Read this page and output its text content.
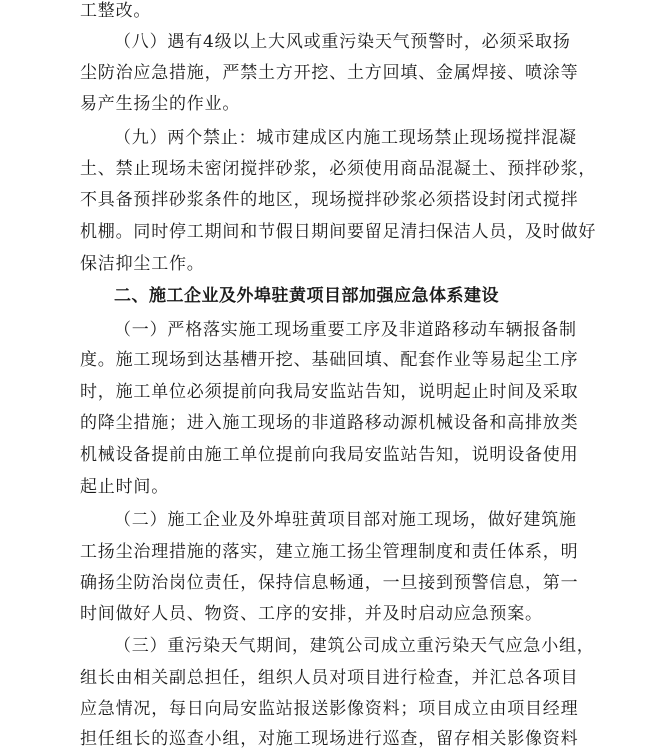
工整改。
（八）遇有4级以上大风或重污染天气预警时，必须采取扬
尘防治应急措施，严禁土方开挖、土方回填、金属焊接、喷涂等
易产生扬尘的作业。
（九）两个禁止：城市建成区内施工现场禁止现场搅拌混凝
土、禁止现场未密闭搅拌砂浆，必须使用商品混凝土、预拌砂浆，
不具备预拌砂浆条件的地区，现场搅拌砂浆必须搭设封闭式搅拌
机棚。同时停工期间和节假日期间要留足清扫保洁人员，及时做好
保洁抑尘工作。
二、施工企业及外埠驻黄项目部加强应急体系建设
（一）严格落实施工现场重要工序及非道路移动车辆报备制
度。施工现场到达基槽开挖、基础回填、配套作业等易起尘工序
时，施工单位必须提前向我局安监站告知，说明起止时间及采取
的降尘措施；进入施工现场的非道路移动源机械设备和高排放类
机械设备提前由施工单位提前向我局安监站告知，说明设备使用
起止时间。
（二）施工企业及外埠驻黄项目部对施工现场，做好建筑施
工扬尘治理措施的落实，建立施工扬尘管理制度和责任体系，明
确扬尘防治岗位责任，保持信息畅通，一旦接到预警信息，第一
时间做好人员、物资、工序的安排，并及时启动应急预案。
（三）重污染天气期间，建筑公司成立重污染天气应急小组，
组长由相关副总担任，组织人员对项目进行检查，并汇总各项目
应急情况，每日向局安监站报送影像资料；项目成立由项目经理
担任组长的巡查小组，对施工现场进行巡查，留存相关影像资料
